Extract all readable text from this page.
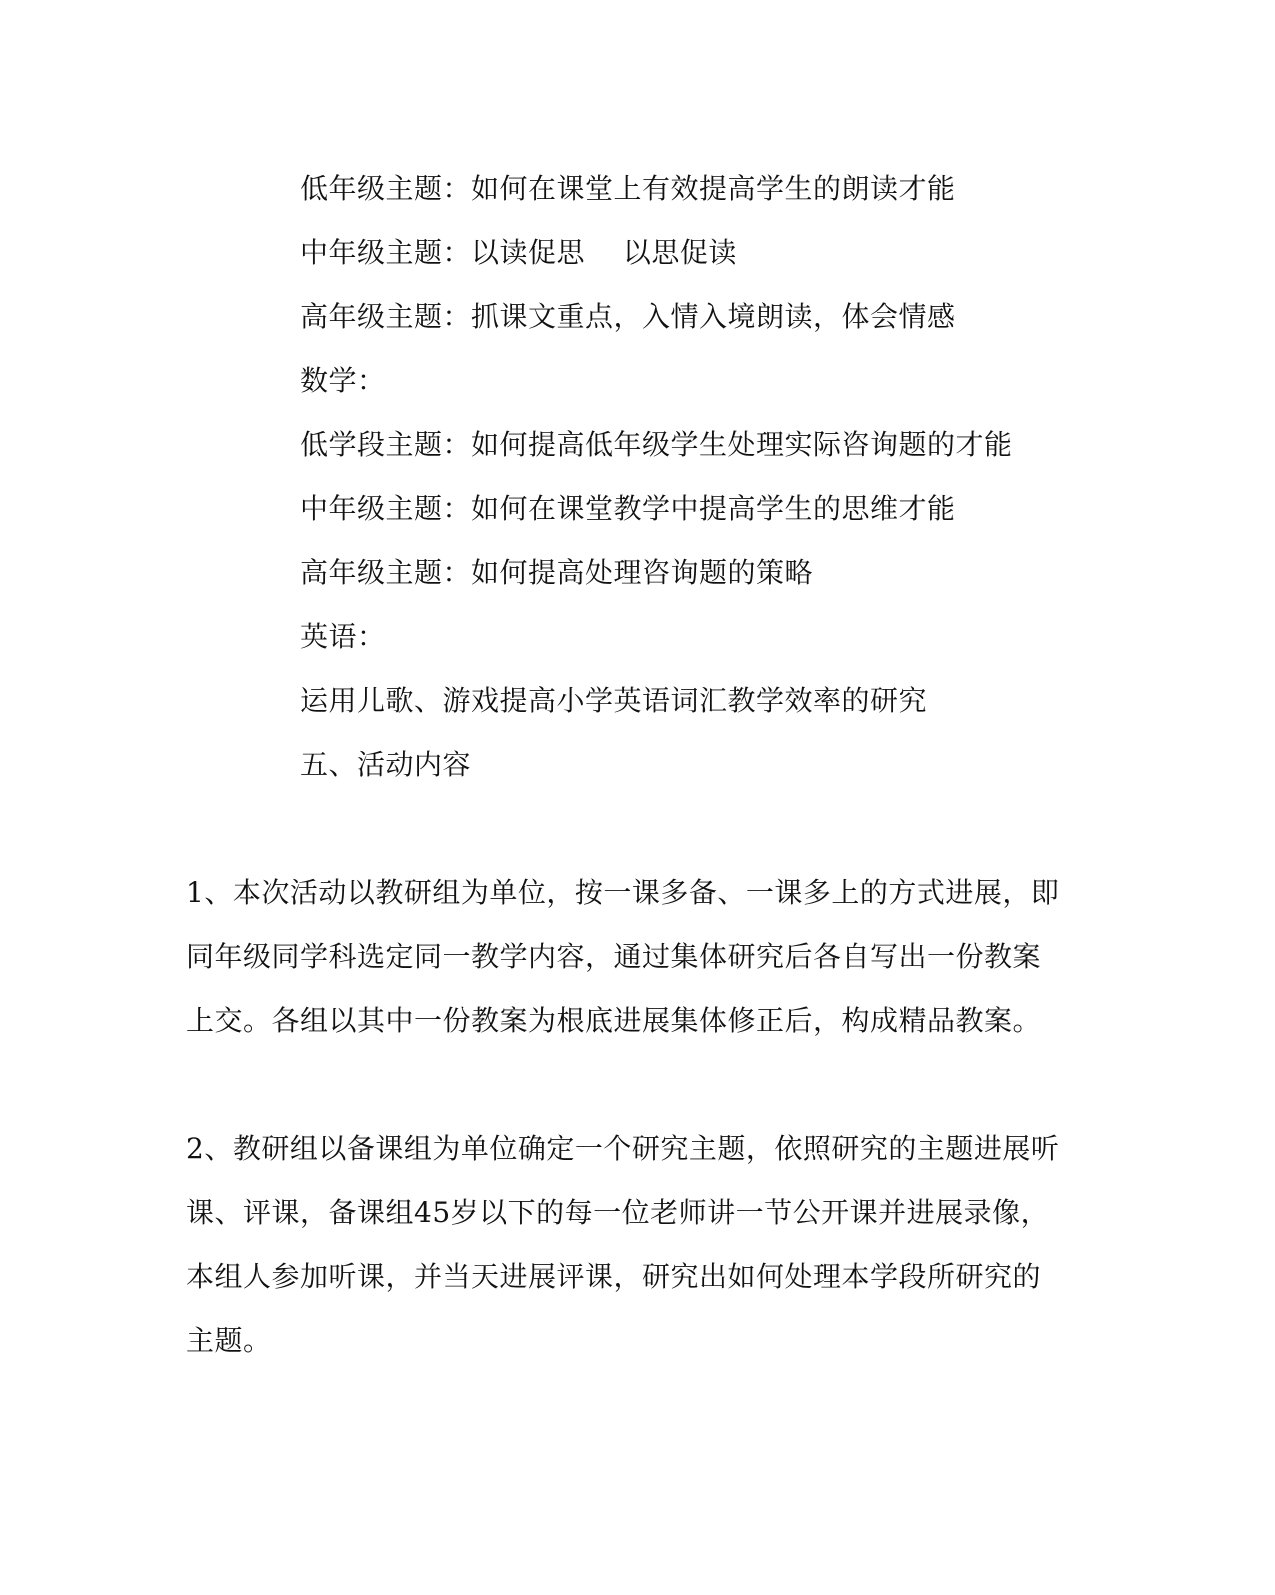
低年级主题：如何在课堂上有效提高学生的朗读才能
中年级主题：以读促思　 以思促读
高年级主题：抓课文重点，入情入境朗读，体会情感
数学：
低学段主题：如何提高低年级学生处理实际咨询题的才能
中年级主题：如何在课堂教学中提高学生的思维才能
高年级主题：如何提高处理咨询题的策略
英语：
运用儿歌、游戏提高小学英语词汇教学效率的研究
五、活动内容
1、本次活动以教研组为单位，按一课多备、一课多上的方式进展，即
同年级同学科选定同一教学内容，通过集体研究后各自写出一份教案
上交。各组以其中一份教案为根底进展集体修正后，构成精品教案。
2、教研组以备课组为单位确定一个研究主题，依照研究的主题进展听
课、评课，备课组45岁以下的每一位老师讲一节公开课并进展录像，
本组人参加听课，并当天进展评课，研究出如何处理本学段所研究的
主题。
